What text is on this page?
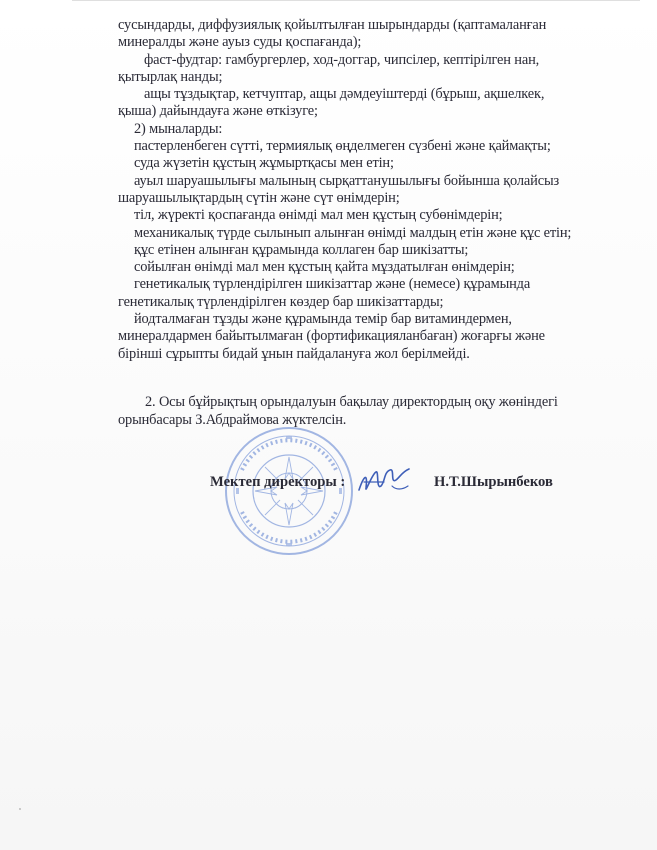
сусындарды, диффузиялық қойылтылған шырындарды (қаптамаланған
минералды және ауыз суды қоспағанда);
фаст-фудтар: гамбургерлер, ход-доггар, чипсілер, кептірілген нан,
қытырлақ нанды;
ащы тұздықтар, кетчуптар, ащы дәмдеуіштерді (бұрыш, ақшелкек,
қыша) дайындауға және өткізуге;
2) мыналарды:
пастерленбеген сүтті, термиялық өңделмеген сүзбені және қаймақты;
суда жүзетін құстың жұмыртқасы мен етін;
ауыл шаруашылығы малының сырқаттанушылығы бойынша қолайсыз
шаруашылықтардың сүтін және сүт өнімдерін;
тіл, жүректі қоспағанда өнімді мал мен құстың субөнімдерін;
механикалық түрде сылынып алынған өнімді малдың етін және құс етін;
құс етінен алынған құрамында коллаген бар шикізатты;
сойылған өнімді мал мен құстың қайта мұздатылған өнімдерін;
генетикалық түрлендірілген шикізаттар және (немесе) құрамында
генетикалық түрлендірілген көздер бар шикізаттарды;
йодталмаған тұзды және құрамында темір бар витаминдермен,
минералдармен байытылмаған (фортификацияланбаған) жоғарғы және
бірінші сұрыпты бидай ұнын пайдалануға жол берілмейді.
2. Осы бұйрықтың орындалуын бақылау директордың оқу жөніндегі
орынбасары З.Абдраймова жүктелсін.
Мектеп директоры :	Н.Т.Шырынбеков
